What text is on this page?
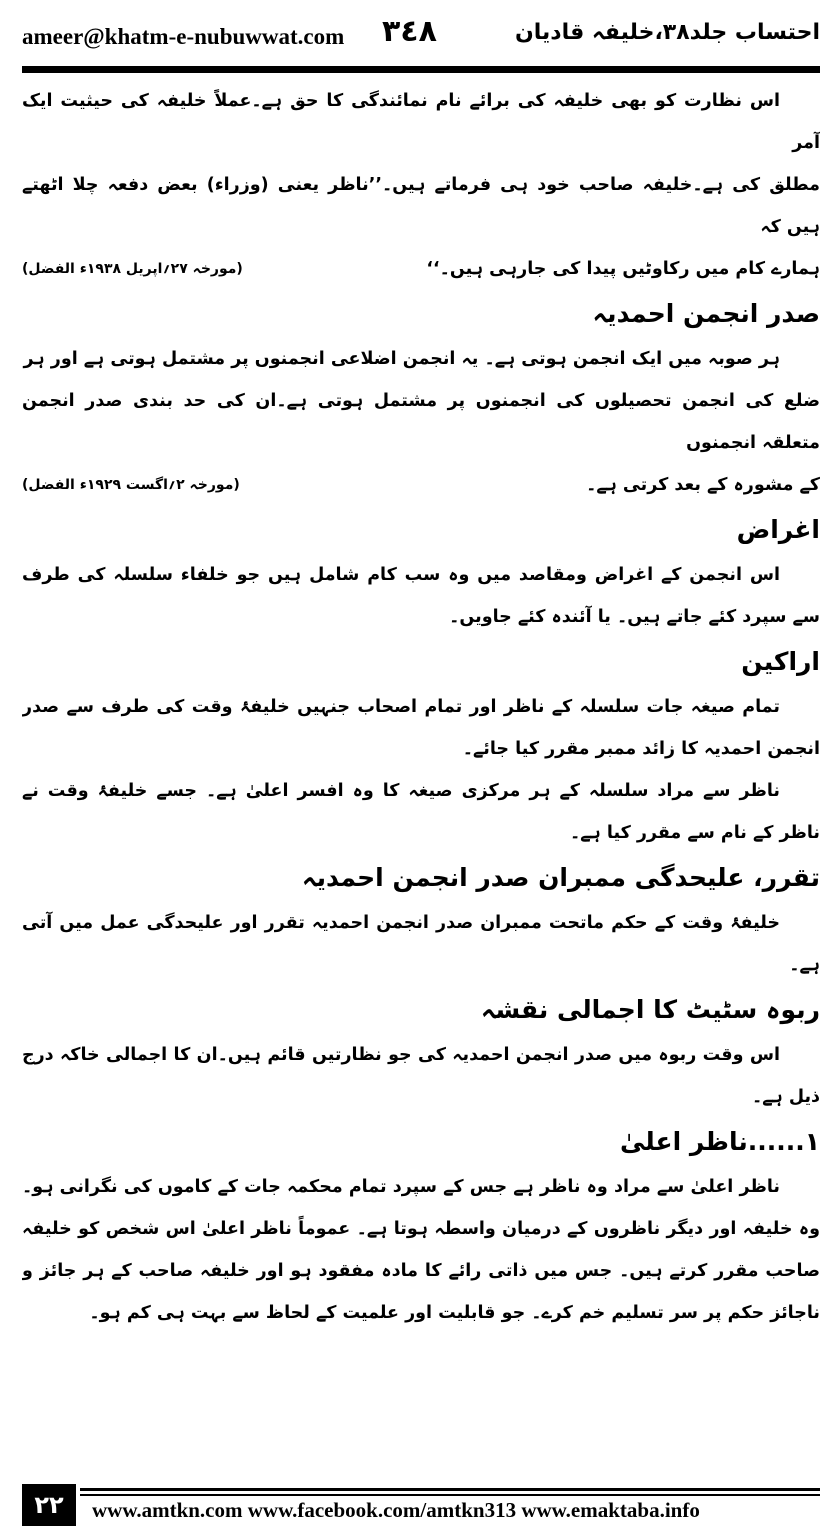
ameer@khatm-e-nubuwwat.com ٣٤٨	احتساب جلد۳۸،خلیفہ قادیان

اس نظارت کو بھی خلیفہ کی برائے نام نمائندگی کا حق ہے۔عملاً خلیفہ کی حیثیت ایک آمر

مطلق کی ہے۔خلیفہ صاحب خود ہی فرماتے ہیں۔’’ناظر یعنی (وزراء) بعض دفعہ چلا اٹھتے ہیں کہ

(مورخہ ۲۷؍اپریل ۱۹۳۸ء الفضل)	ہمارے کام میں رکاوٹیں پیدا کی جارہی ہیں۔‘‘
صدر انجمن احمدیہ

ہر صوبہ میں ایک انجمن ہوتی ہے۔ یہ انجمن اضلاعی انجمنوں پر مشتمل ہوتی ہے اور ہر

ضلع کی انجمن تحصیلوں کی انجمنوں پر مشتمل ہوتی ہے۔ان کی حد بندی صدر انجمن متعلقہ انجمنوں

(مورخہ ۲؍اگست ۱۹۲۹ء الفضل)	کے مشورہ کے بعد کرتی ہے۔
اغراض

اس انجمن کے اغراض ومقاصد میں وہ سب کام شامل ہیں جو خلفاء سلسلہ کی طرف سے سپرد کئے جاتے ہیں۔ یا آئندہ کئے جاویں۔

اراکین

تمام صیغہ جات سلسلہ کے ناظر اور تمام اصحاب جنہیں خلیفۂ وقت کی طرف سے صدر انجمن احمدیہ کا زائد ممبر مقرر کیا جائے۔

ناظر سے مراد سلسلہ کے ہر مرکزی صیغہ کا وہ افسر اعلیٰ ہے۔ جسے خلیفۂ وقت نے ناظر کے نام سے مقرر کیا ہے۔

تقرر، علیحدگی ممبران صدر انجمن احمدیہ

خلیفۂ وقت کے حکم ماتحت ممبران صدر انجمن احمدیہ تقرر اور علیحدگی عمل میں آتی ہے۔

ربوہ سٹیٹ کا اجمالی نقشہ

اس وقت ربوہ میں صدر انجمن احمدیہ کی جو نظارتیں قائم ہیں۔ان کا اجمالی خاکہ درج ذیل ہے۔

۱......ناظر اعلیٰ

ناظر اعلیٰ سے مراد وہ ناظر ہے جس کے سپرد تمام محکمہ جات کے کاموں کی نگرانی ہو۔ وہ خلیفہ اور دیگر ناظروں کے درمیان واسطہ ہوتا ہے۔ عموماً ناظر اعلیٰ اس شخص کو خلیفہ صاحب مقرر کرتے ہیں۔ جس میں ذاتی رائے کا مادہ مفقود ہو اور خلیفہ صاحب کے ہر جائز و ناجائز حکم پر سر تسلیم خم کرے۔ جو قابلیت اور علمیت کے لحاظ سے بہت ہی کم ہو۔

۲۲	www.amtkn.com www.facebook.com/amtkn313 www.emaktaba.info
